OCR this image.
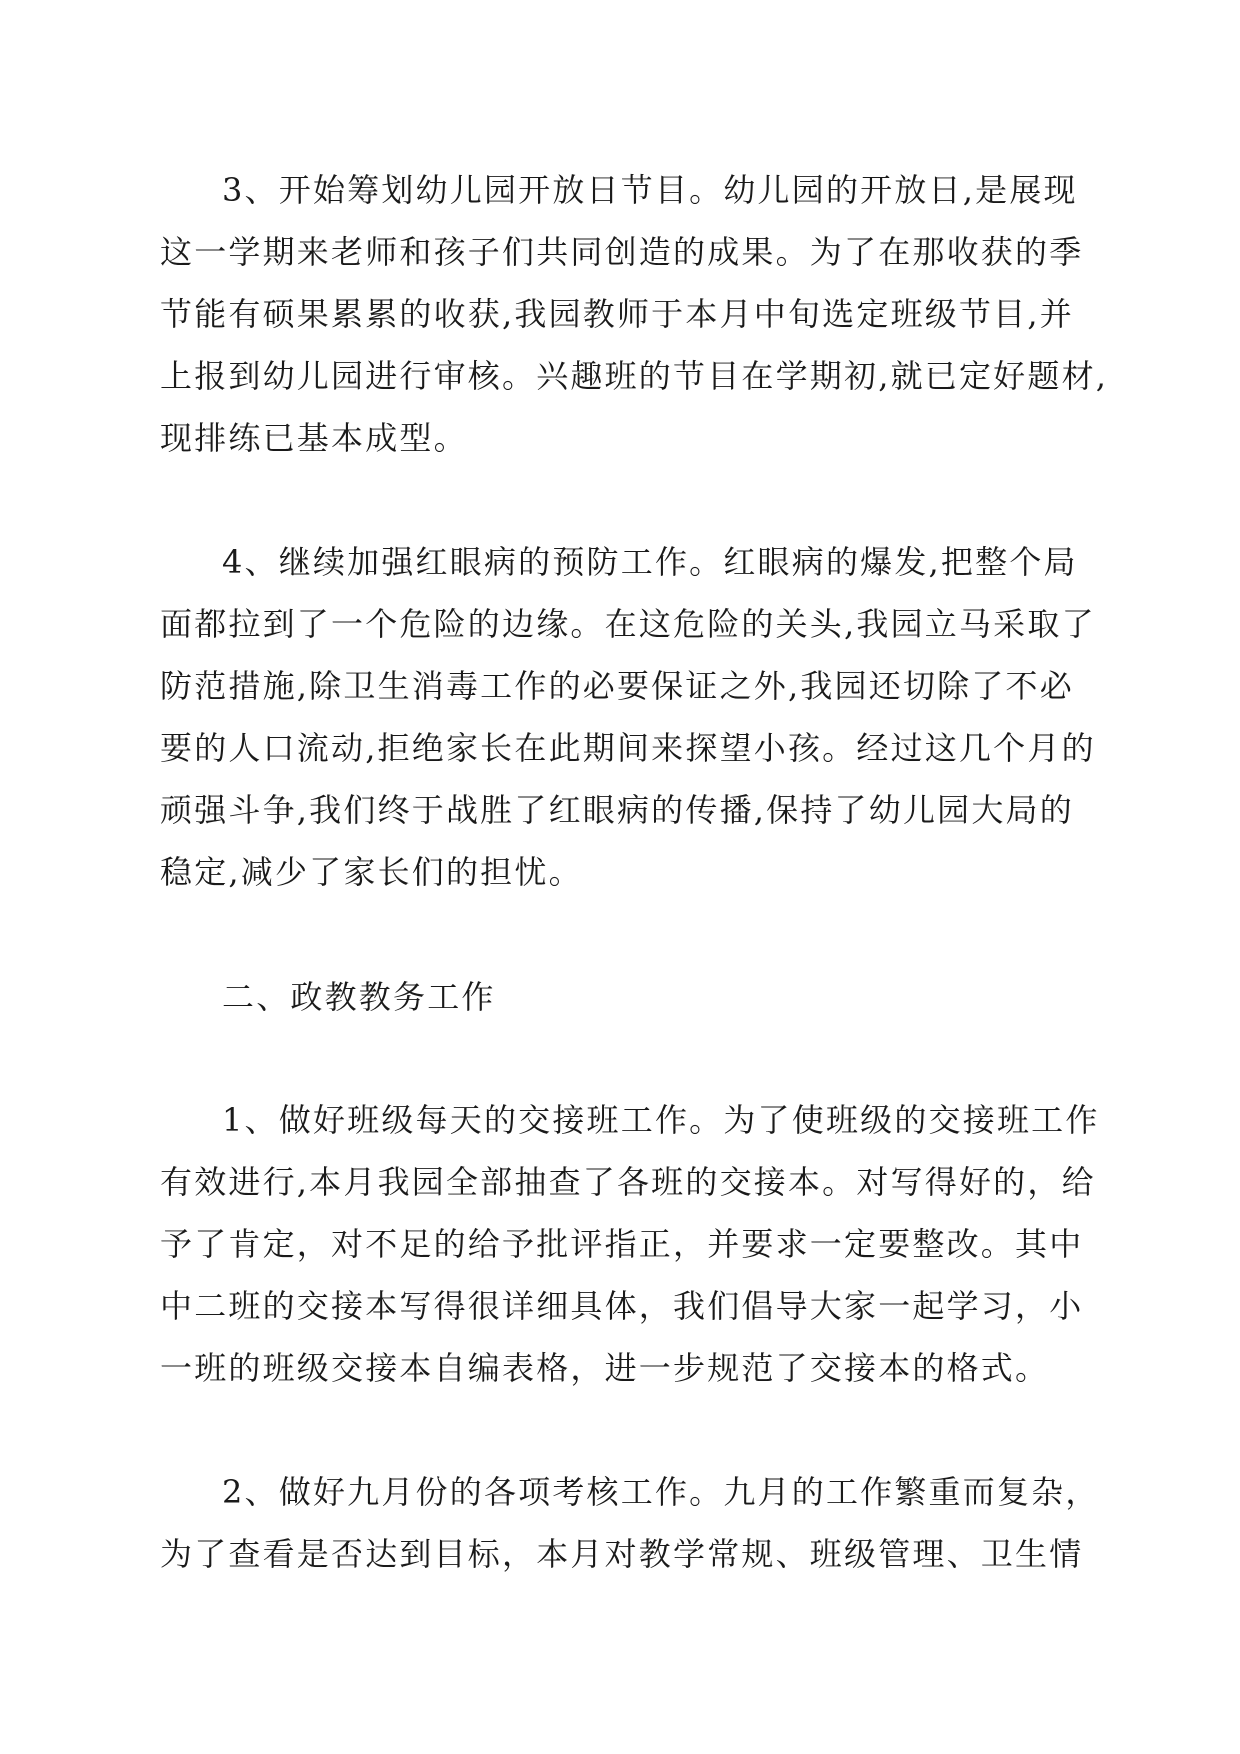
3、开始筹划幼儿园开放日节目。幼儿园的开放日,是展现

这一学期来老师和孩子们共同创造的成果。为了在那收获的季

节能有硕果累累的收获,我园教师于本月中旬选定班级节目,并

上报到幼儿园进行审核。兴趣班的节目在学期初,就已定好题材,

现排练已基本成型。

4、继续加强红眼病的预防工作。红眼病的爆发,把整个局

面都拉到了一个危险的边缘。在这危险的关头,我园立马采取了

防范措施,除卫生消毒工作的必要保证之外,我园还切除了不必

要的人口流动,拒绝家长在此期间来探望小孩。经过这几个月的

顽强斗争,我们终于战胜了红眼病的传播,保持了幼儿园大局的

稳定,减少了家长们的担忧。

二、政教教务工作

1、做好班级每天的交接班工作。为了使班级的交接班工作

有效进行,本月我园全部抽查了各班的交接本。对写得好的，给

予了肯定，对不足的给予批评指正，并要求一定要整改。其中

中二班的交接本写得很详细具体，我们倡导大家一起学习，小

一班的班级交接本自编表格，进一步规范了交接本的格式。

2、做好九月份的各项考核工作。九月的工作繁重而复杂，

为了查看是否达到目标，本月对教学常规、班级管理、卫生情
